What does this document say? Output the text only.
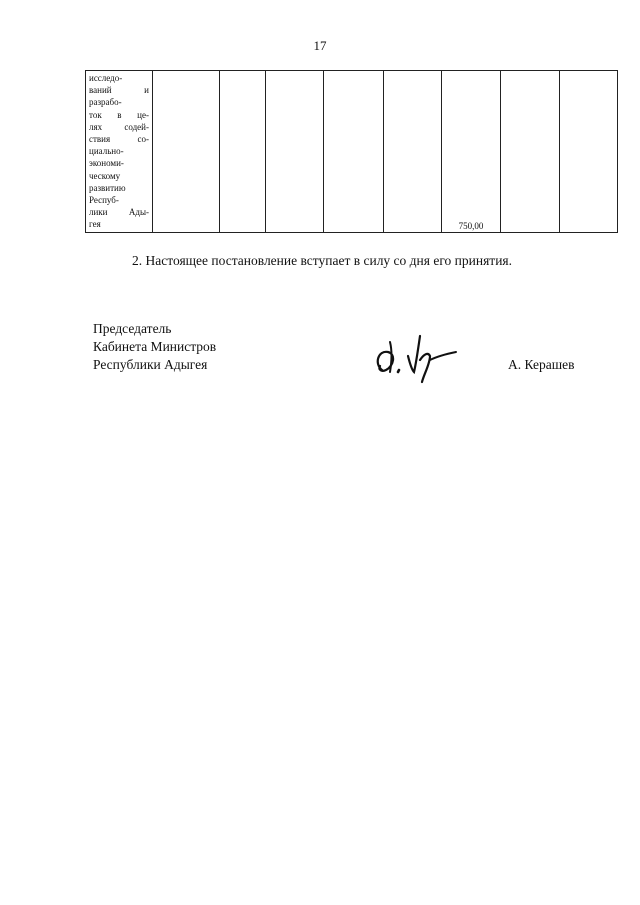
17
исследо-
ваний и
разрабо-
ток в це-
лях содей-
ствия со-
циально-
экономи-
ческому
развитию
Респуб-
лики Ады-
гея						750,00		
2. Настоящее постановление вступает в силу со дня его принятия.
Председатель
Кабинета Министров
Республики Адыгея	А. Керашев
